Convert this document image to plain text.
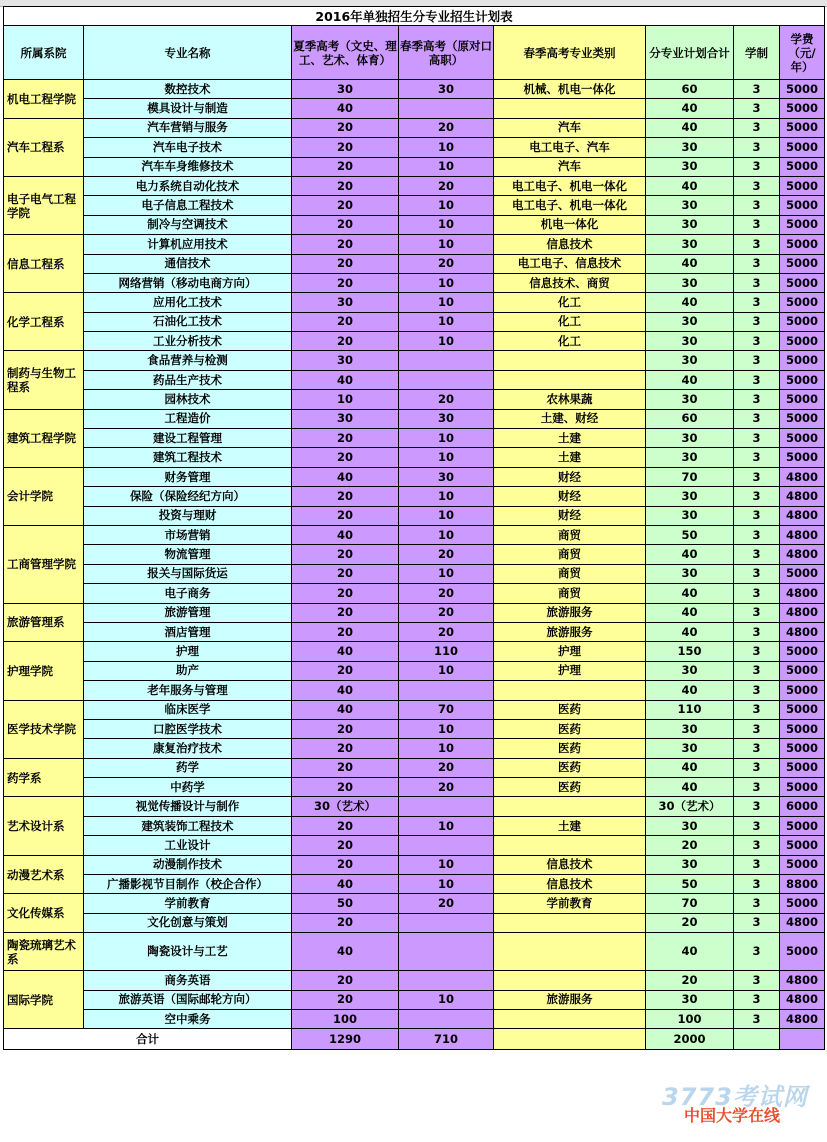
2016年单独招生分专业招生计划表							
所属系院	专业名称	夏季高考（文史、理工、艺术、体育）	春季高考（原对口高职）	春季高考专业类别	分专业计划合计	学制	学费（元/年）
机电工程学院	数控技术	30	30	机械、机电一体化	60	3	5000
	模具设计与制造	40			40	3	5000
汽车工程系	汽车营销与服务	20	20	汽车	40	3	5000
	汽车电子技术	20	10	电工电子、汽车	30	3	5000
	汽车车身维修技术	20	10	汽车	30	3	5000
电子电气工程学院	电力系统自动化技术	20	20	电工电子、机电一体化	40	3	5000
	电子信息工程技术	20	10	电工电子、机电一体化	30	3	5000
	制冷与空调技术	20	10	机电一体化	30	3	5000
信息工程系	计算机应用技术	20	10	信息技术	30	3	5000
	通信技术	20	20	电工电子、信息技术	40	3	5000
	网络营销（移动电商方向）	20	10	信息技术、商贸	30	3	5000
化学工程系	应用化工技术	30	10	化工	40	3	5000
	石油化工技术	20	10	化工	30	3	5000
	工业分析技术	20	10	化工	30	3	5000
制药与生物工程系	食品营养与检测	30			30	3	5000
	药品生产技术	40			40	3	5000
	园林技术	10	20	农林果蔬	30	3	5000
建筑工程学院	工程造价	30	30	土建、财经	60	3	5000
	建设工程管理	20	10	土建	30	3	5000
	建筑工程技术	20	10	土建	30	3	5000
会计学院	财务管理	40	30	财经	70	3	4800
	保险（保险经纪方向）	20	10	财经	30	3	4800
	投资与理财	20	10	财经	30	3	4800
工商管理学院	市场营销	40	10	商贸	50	3	4800
	物流管理	20	20	商贸	40	3	4800
	报关与国际货运	20	10	商贸	30	3	5000
	电子商务	20	20	商贸	40	3	4800
旅游管理系	旅游管理	20	20	旅游服务	40	3	4800
	酒店管理	20	20	旅游服务	40	3	4800
护理学院	护理	40	110	护理	150	3	5000
	助产	20	10	护理	30	3	5000
	老年服务与管理	40			40	3	5000
医学技术学院	临床医学	40	70	医药	110	3	5000
	口腔医学技术	20	10	医药	30	3	5000
	康复治疗技术	20	10	医药	30	3	5000
药学系	药学	20	20	医药	40	3	5000
	中药学	20	20	医药	40	3	5000
艺术设计系	视觉传播设计与制作	30（艺术）			30（艺术）	3	6000
	建筑装饰工程技术	20	10	土建	30	3	5000
	工业设计	20			20	3	5000
动漫艺术系	动漫制作技术	20	10	信息技术	30	3	5000
	广播影视节目制作（校企合作）	40	10	信息技术	50	3	8800
文化传媒系	学前教育	50	20	学前教育	70	3	5000
	文化创意与策划	20			20	3	4800
陶瓷琉璃艺术系	陶瓷设计与工艺	40			40	3	5000
国际学院	商务英语	20			20	3	4800
	旅游英语（国际邮轮方向）	20	10	旅游服务	30	3	4800
	空中乘务	100			100	3	4800
合计		1290	710		2000		
3773考试网
中国大学在线
